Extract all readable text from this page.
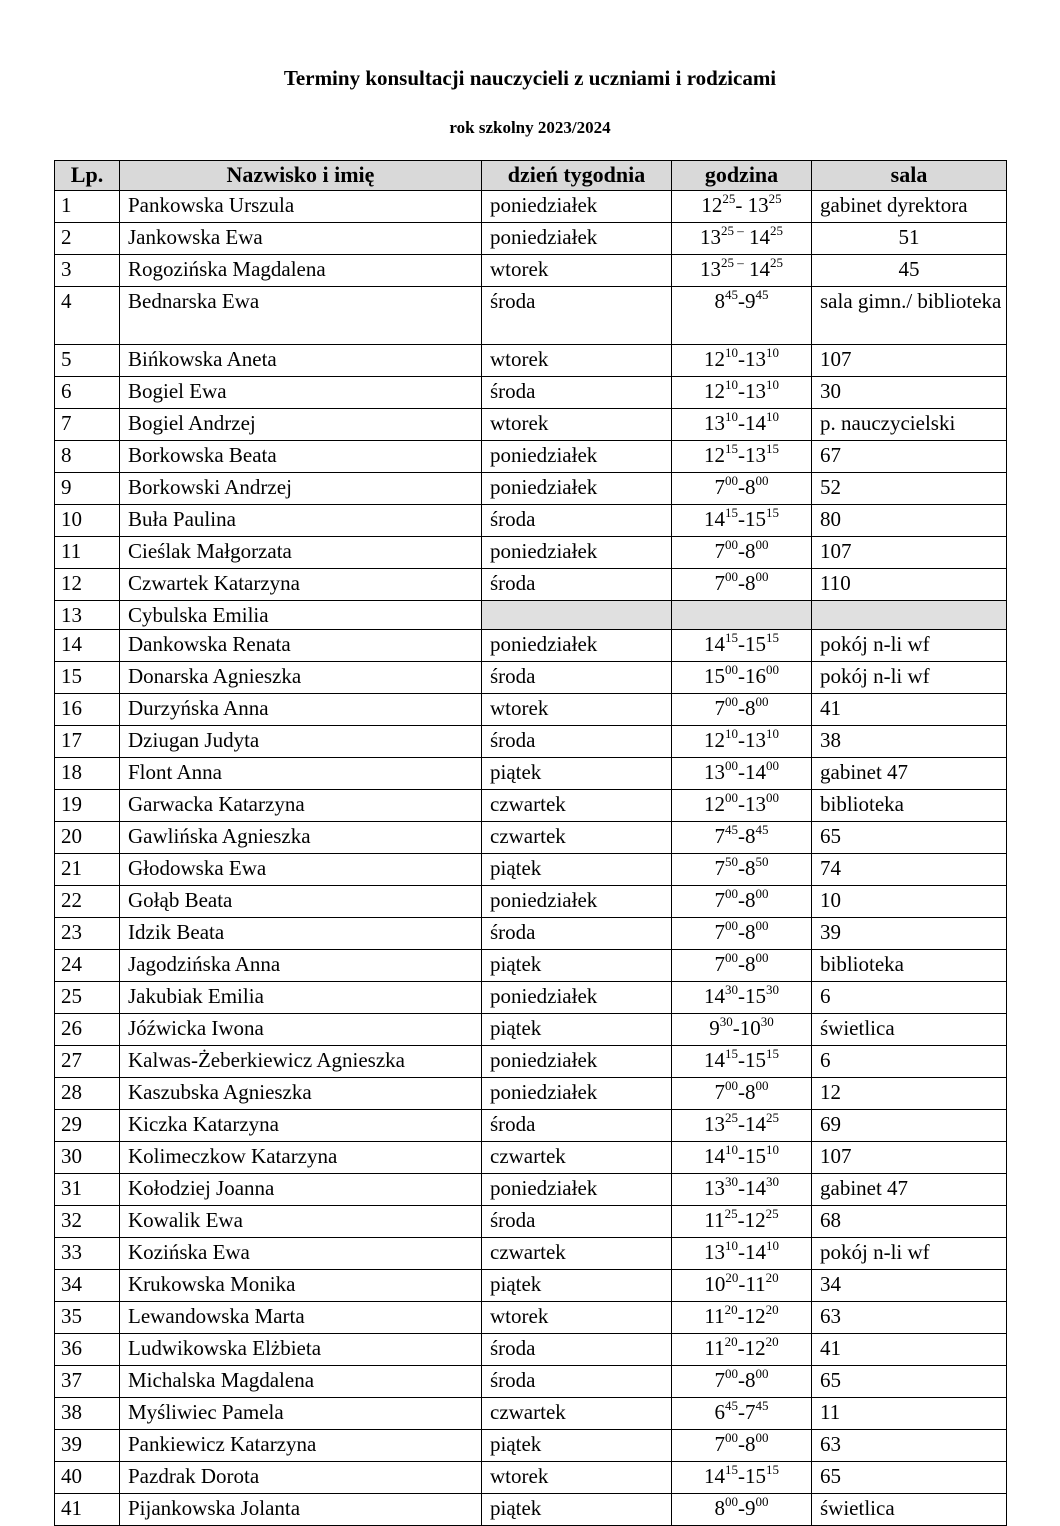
Terminy konsultacji nauczycieli z uczniami i rodzicami
rok szkolny 2023/2024
Lp.	Nazwisko i imię	dzień tygodnia	godzina	sala
1	Pankowska Urszula	poniedziałek	$12^{25}-$ $13^{25}$	gabinet dyrektora
2	Jankowska Ewa	poniedziałek	$13^{25 -}$ $14^{25}$	51
3	Rogozińska Magdalena	wtorek	$13^{25 -}$ $14^{25}$	45
4	Bednarska Ewa	środa	$8^{45}-9^{45}$	sala gimn./ biblioteka
5	Bińkowska Aneta	wtorek	$12^{10}-13^{10}$	107
6	Bogiel Ewa	środa	$12^{10}-13^{10}$	30
7	Bogiel Andrzej	wtorek	$13^{10}-14^{10}$	p. nauczycielski
8	Borkowska Beata	poniedziałek	$12^{15}-13^{15}$	67
9	Borkowski Andrzej	poniedziałek	$7^{00}-8^{00}$	52
10	Buła Paulina	środa	$14^{15}-15^{15}$	80
11	Cieślak Małgorzata	poniedziałek	$7^{00}-8^{00}$	107
12	Czwartek Katarzyna	środa	$7^{00}-8^{00}$	110
13	Cybulska Emilia			
14	Dankowska Renata	poniedziałek	$14^{15}-15^{15}$	pokój n-li wf
15	Donarska Agnieszka	środa	$15^{00}-16^{00}$	pokój n-li wf
16	Durzyńska Anna	wtorek	$7^{00}-8^{00}$	41
17	Dziugan Judyta	środa	$12^{10}-13^{10}$	38
18	Flont Anna	piątek	$13^{00}-14^{00}$	gabinet 47
19	Garwacka Katarzyna	czwartek	$12^{00}-13^{00}$	biblioteka
20	Gawlińska Agnieszka	czwartek	$7^{45}-8^{45}$	65
21	Głodowska Ewa	piątek	$7^{50}-8^{50}$	74
22	Gołąb Beata	poniedziałek	$7^{00}-8^{00}$	10
23	Idzik Beata	środa	$7^{00}-8^{00}$	39
24	Jagodzińska Anna	piątek	$7^{00}-8^{00}$	biblioteka
25	Jakubiak Emilia	poniedziałek	$14^{30}-15^{30}$	6
26	Jóźwicka Iwona	piątek	$9^{30}-10^{30}$	świetlica
27	Kalwas-Żeberkiewicz Agnieszka	poniedziałek	$14^{15}-15^{15}$	6
28	Kaszubska Agnieszka	poniedziałek	$7^{00}-8^{00}$	12
29	Kiczka Katarzyna	środa	$13^{25}-14^{25}$	69
30	Kolimeczkow Katarzyna	czwartek	$14^{10}-15^{10}$	107
31	Kołodziej Joanna	poniedziałek	$13^{30}-14^{30}$	gabinet 47
32	Kowalik Ewa	środa	$11^{25}-12^{25}$	68
33	Kozińska Ewa	czwartek	$13^{10}-14^{10}$	pokój n-li wf
34	Krukowska Monika	piątek	$10^{20}-11^{20}$	34
35	Lewandowska Marta	wtorek	$11^{20}-12^{20}$	63
36	Ludwikowska Elżbieta	środa	$11^{20}-12^{20}$	41
37	Michalska Magdalena	środa	$7^{00}-8^{00}$	65
38	Myśliwiec Pamela	czwartek	$6^{45}-7^{45}$	11
39	Pankiewicz Katarzyna	piątek	$7^{00}-8^{00}$	63
40	Pazdrak Dorota	wtorek	$14^{15}-15^{15}$	65
41	Pijankowska Jolanta	piątek	$8^{00}-9^{00}$	świetlica
